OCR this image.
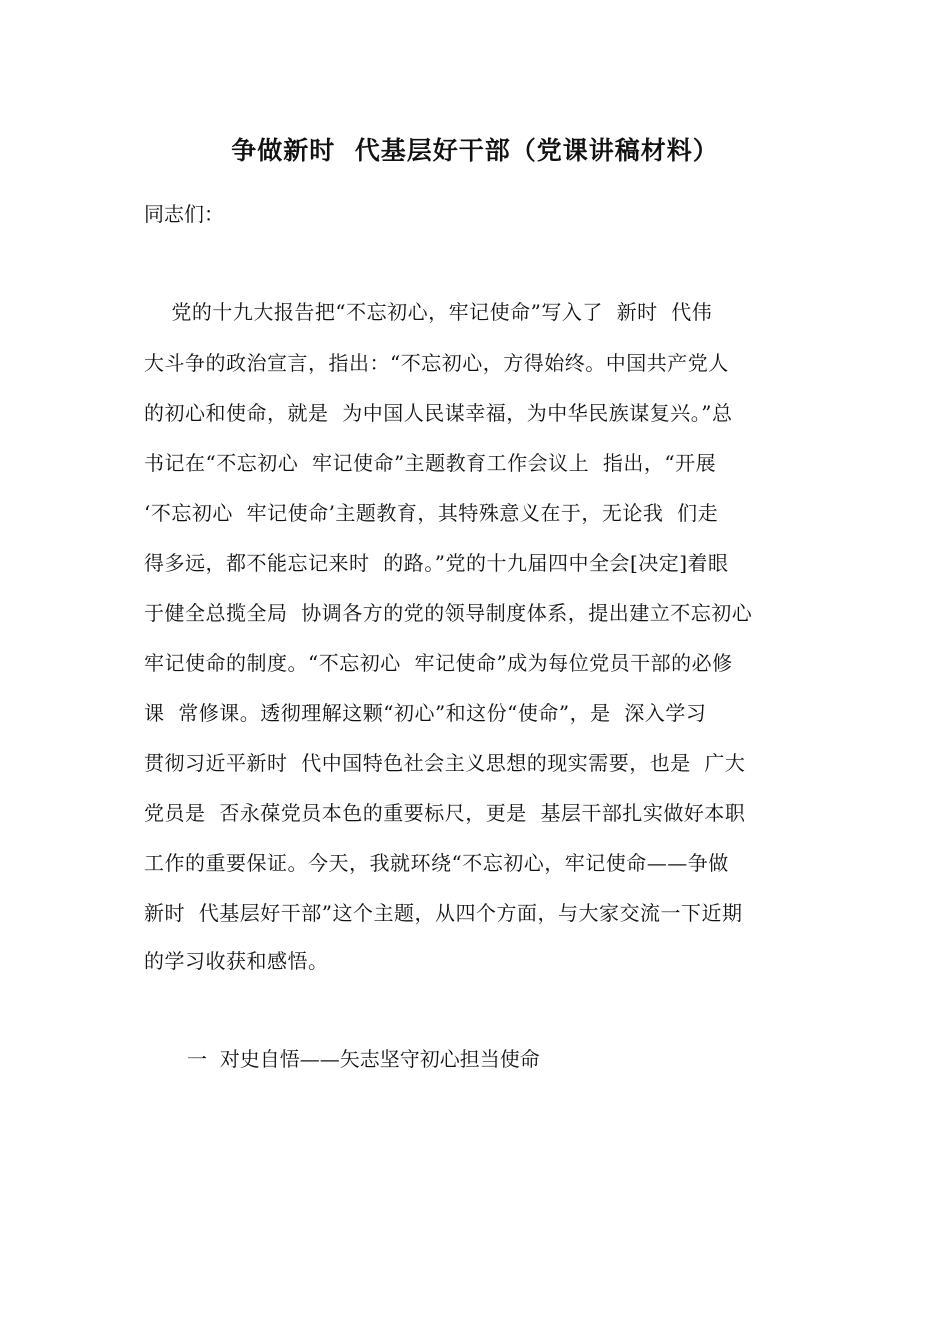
争做新时  代基层好干部（党课讲稿材料）
同志们：
党的十九大报告把“不忘初心，牢记使命”写入了  新时  代伟
大斗争的政治宣言，指出：“不忘初心，方得始终。中国共产党人
的初心和使命，就是  为中国人民谋幸福，为中华民族谋复兴。”总
书记在“不忘初心  牢记使命”主题教育工作会议上  指出，“开展
‘不忘初心  牢记使命’主题教育，其特殊意义在于，无论我  们走
得多远，都不能忘记来时  的路。”党的十九届四中全会[决定]着眼
于健全总揽全局  协调各方的党的领导制度体系，提出建立不忘初心
牢记使命的制度。“不忘初心  牢记使命”成为每位党员干部的必修
课  常修课。透彻理解这颗“初心”和这份“使命”，是  深入学习
贯彻习近平新时  代中国特色社会主义思想的现实需要，也是  广大
党员是  否永葆党员本色的重要标尺，更是  基层干部扎实做好本职
工作的重要保证。今天，我就环绕“不忘初心，牢记使命——争做
新时  代基层好干部”这个主题，从四个方面，与大家交流一下近期
的学习收获和感悟。
一  对史自悟——矢志坚守初心担当使命
